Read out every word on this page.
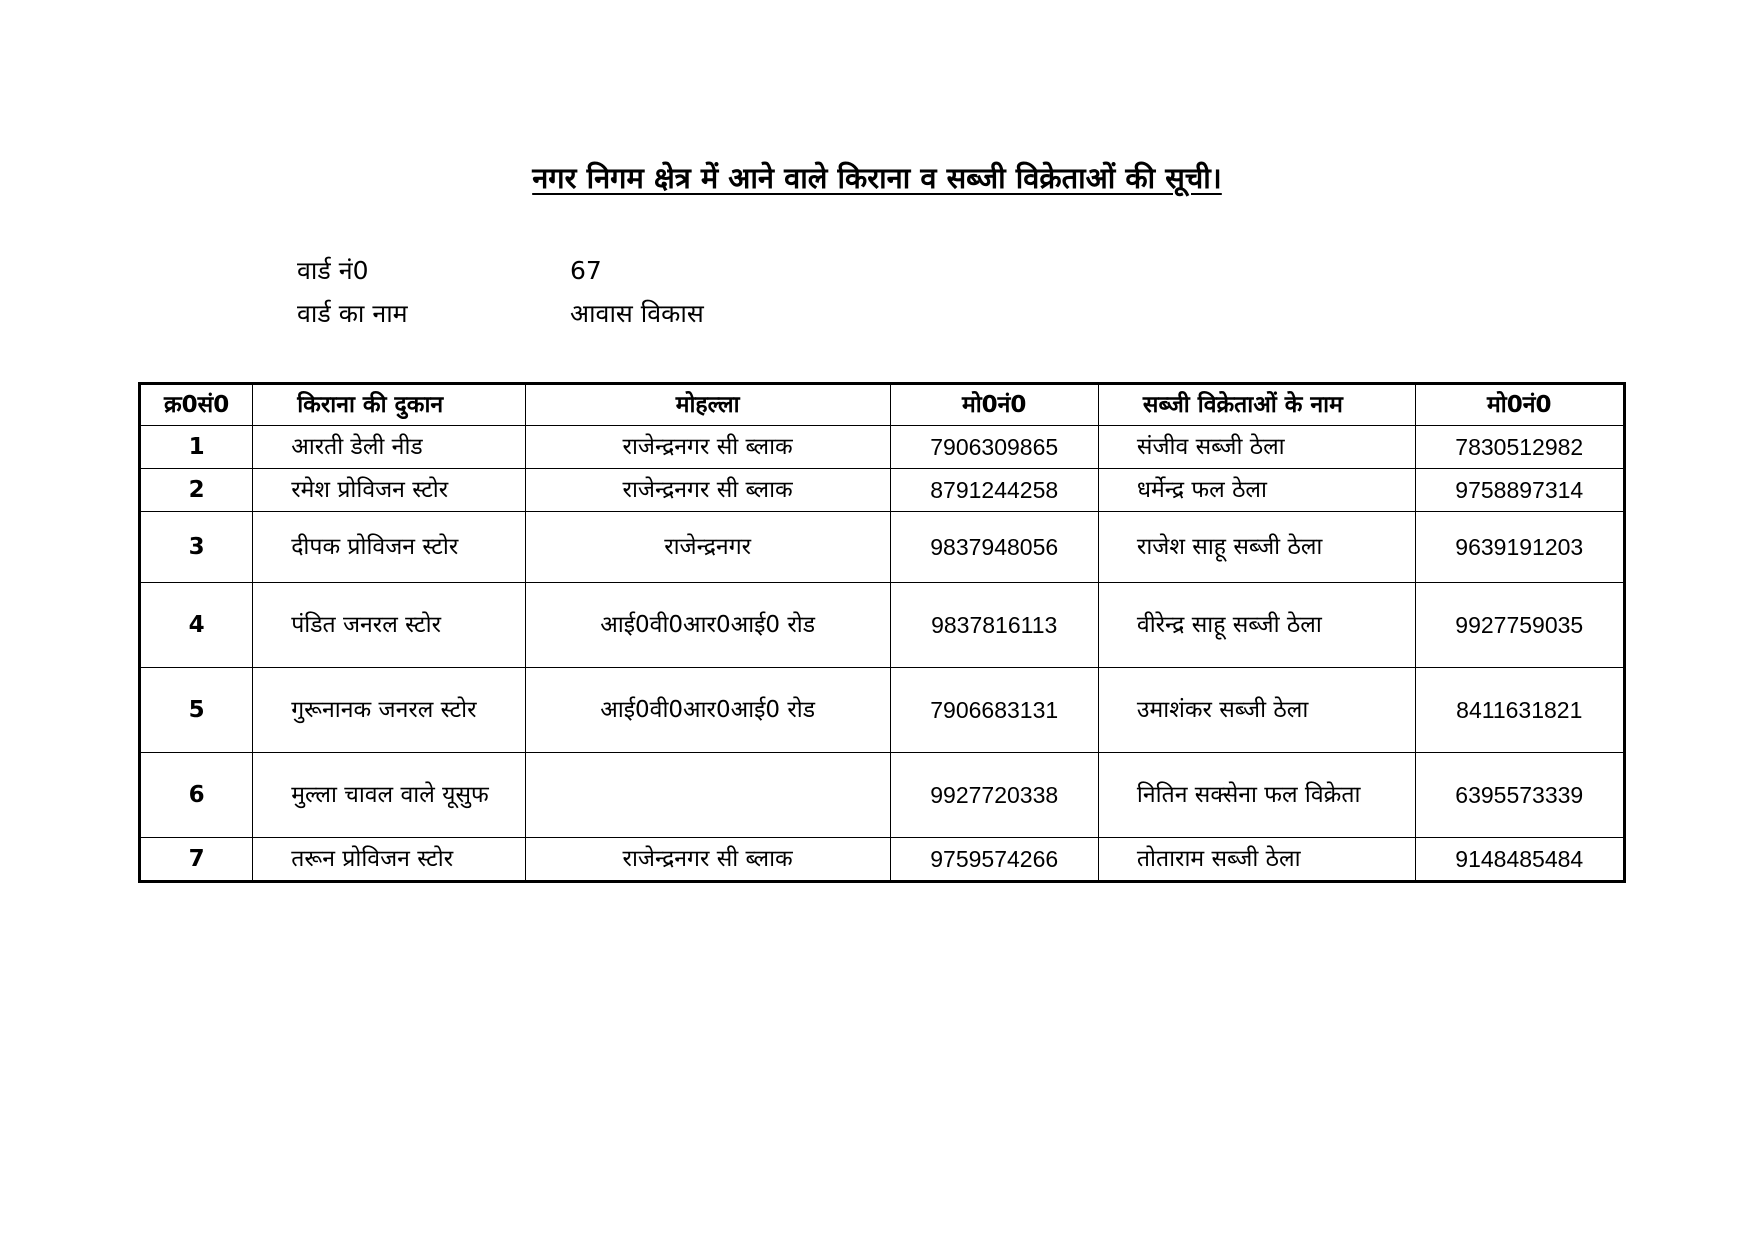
नगर निगम क्षेत्र में आने वाले किराना व सब्जी विक्रेताओं की सूची।
वार्ड नं0	67
वार्ड का नाम	आवास विकास
क्र0सं0	किराना की दुकान	मोहल्ला	मो0नं0	सब्जी विक्रेताओं के नाम	मो0नं0
1	आरती डेली नीड	राजेन्द्रनगर सी ब्लाक	7906309865	संजीव सब्जी ठेला	7830512982
2	रमेश प्रोविजन स्टोर	राजेन्द्रनगर सी ब्लाक	8791244258	धर्मेन्द्र फल ठेला	9758897314
3	दीपक प्रोविजन स्टोर	राजेन्द्रनगर	9837948056	राजेश साहू सब्जी ठेला	9639191203
4	पंडित जनरल स्टोर	आई0वी0आर0आई0 रोड	9837816113	वीरेन्द्र साहू सब्जी ठेला	9927759035
5	गुरूनानक जनरल स्टोर	आई0वी0आर0आई0 रोड	7906683131	उमाशंकर सब्जी ठेला	8411631821
6	मुल्ला चावल वाले यूसुफ		9927720338	नितिन सक्सेना फल विक्रेता	6395573339
7	तरून प्रोविजन स्टोर	राजेन्द्रनगर सी ब्लाक	9759574266	तोताराम सब्जी ठेला	9148485484
